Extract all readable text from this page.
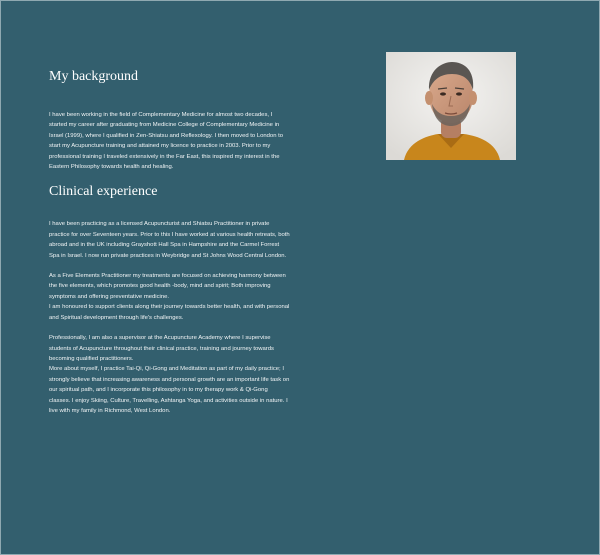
My background

I have been working in the field of Complementary Medicine for almost two decades, I
started my career after graduating from Medicine College of Complementary Medicine in
Israel (1999), where I qualified in Zen-Shiatsu and Reflexology. I then moved to London to
start my Acupuncture training and attained my licence to practice in 2003. Prior to my
professional training I traveled extensively in the Far East, this inspired my interest in the
Eastern Philosophy towards health and healing.

Clinical experience

I have been practicing as a licensed Acupuncturist and Shiatsu Practitioner in private
practice for over Seventeen years. Prior to this I have worked at various health retreats, both
abroad and in the UK including Grayshott Hall Spa in Hampshire and the Carmel Forrest
Spa in Israel. I now run private practices in Weybridge and St Johns Wood Central London.

As a Five Elements Practitioner my treatments are focused on achieving harmony between
the five elements, which promotes good health -body, mind and spirit; Both improving
symptoms and offering preventative medicine.

I am honoured to support clients along their journey towards better health, and with personal
and Spiritual development through life's challenges.

Professionally, I am also a supervisor at the Acupuncture Academy where I supervise
students of Acupuncture throughout their clinical practice, training and journey towards
becoming qualified practitioners.

More about myself, I practice Tai-Qi, Qi-Gong and Meditation as part of my daily practice; I
strongly believe that increasing awareness and personal growth are an important life task on
our spiritual path, and I incorporate this philosophy in to my therapy work & Qi-Gong
classes. I enjoy Skiing, Culture, Travelling, Ashtanga Yoga, and activities outside in nature. I
live with my family in Richmond, West London.
